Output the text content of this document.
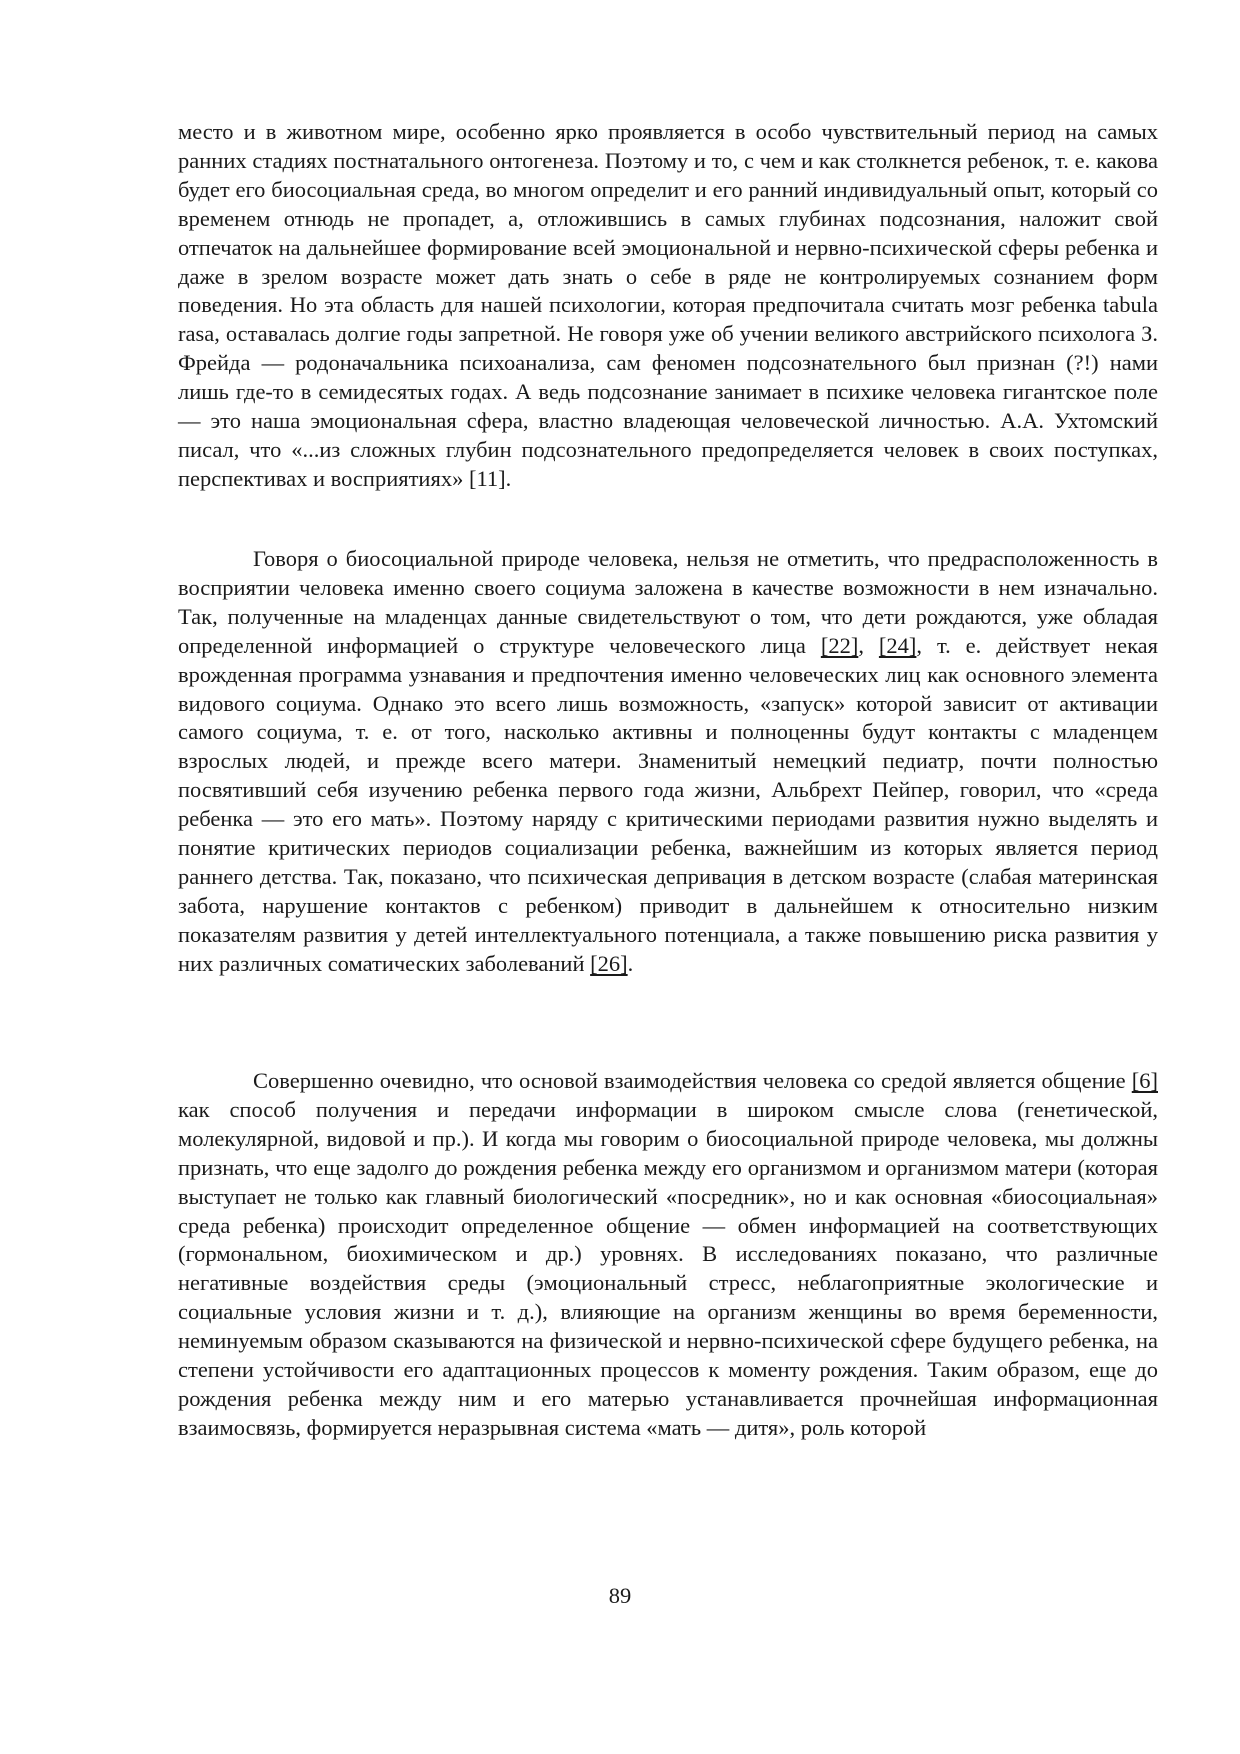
место и в животном мире, особенно ярко проявляется в особо чувствительный период на самых ранних стадиях постнатального онтогенеза. Поэтому и то, с чем и как столкнется ребенок, т. е. какова будет его биосоциальная среда, во многом определит и его ранний индивидуальный опыт, который со временем отнюдь не пропадет, а, отложившись в самых глубинах подсознания, наложит свой отпечаток на дальнейшее формирование всей эмоциональной и нервно-психической сферы ребенка и даже в зрелом возрасте может дать знать о себе в ряде не контролируемых сознанием форм поведения. Но эта область для нашей психологии, которая предпочитала считать мозг ребенка tabula rasa, оставалась долгие годы запретной. Не говоря уже об учении великого австрийского психолога З. Фрейда — родоначальника психоанализа, сам феномен подсознательного был признан (?!) нами лишь где-то в семидесятых годах. А ведь подсознание занимает в психике человека гигантское поле — это наша эмоциональная сфера, властно владеющая человеческой личностью. А.А. Ухтомский писал, что «...из сложных глубин подсознательного предопределяется человек в своих поступках, перспективах и восприятиях» [11].

Говоря о биосоциальной природе человека, нельзя не отметить, что предрасположенность в восприятии человека именно своего социума заложена в качестве возможности в нем изначально. Так, полученные на младенцах данные свидетельствуют о том, что дети рождаются, уже обладая определенной информацией о структуре человеческого лица [22], [24], т. е. действует некая врожденная программа узнавания и предпочтения именно человеческих лиц как основного элемента видового социума. Однако это всего лишь возможность, «запуск» которой зависит от активации самого социума, т. е. от того, насколько активны и полноценны будут контакты с младенцем взрослых людей, и прежде всего матери. Знаменитый немецкий педиатр, почти полностью посвятивший себя изучению ребенка первого года жизни, Альбрехт Пейпер, говорил, что «среда ребенка — это его мать». Поэтому наряду с критическими периодами развития нужно выделять и понятие критических периодов социализации ребенка, важнейшим из которых является период раннего детства. Так, показано, что психическая депривация в детском возрасте (слабая материнская забота, нарушение контактов с ребенком) приводит в дальнейшем к относительно низким показателям развития у детей интеллектуального потенциала, а также повышению риска развития у них различных соматических заболеваний [26].

Совершенно очевидно, что основой взаимодействия человека со средой является общение [6] как способ получения и передачи информации в широком смысле слова (генетической, молекулярной, видовой и пр.). И когда мы говорим о биосоциальной природе человека, мы должны признать, что еще задолго до рождения ребенка между его организмом и организмом матери (которая выступает не только как главный биологический «посредник», но и как основная «биосоциальная» среда ребенка) происходит определенное общение — обмен информацией на соответствующих (гормональном, биохимическом и др.) уровнях. В исследованиях показано, что различные негативные воздействия среды (эмоциональный стресс, неблагоприятные экологические и социальные условия жизни и т. д.), влияющие на организм женщины во время беременности, неминуемым образом сказываются на физической и нервно-психической сфере будущего ребенка, на степени устойчивости его адаптационных процессов к моменту рождения. Таким образом, еще до рождения ребенка между ним и его матерью устанавливается прочнейшая информационная взаимосвязь, формируется неразрывная система «мать — дитя», роль которой

89
